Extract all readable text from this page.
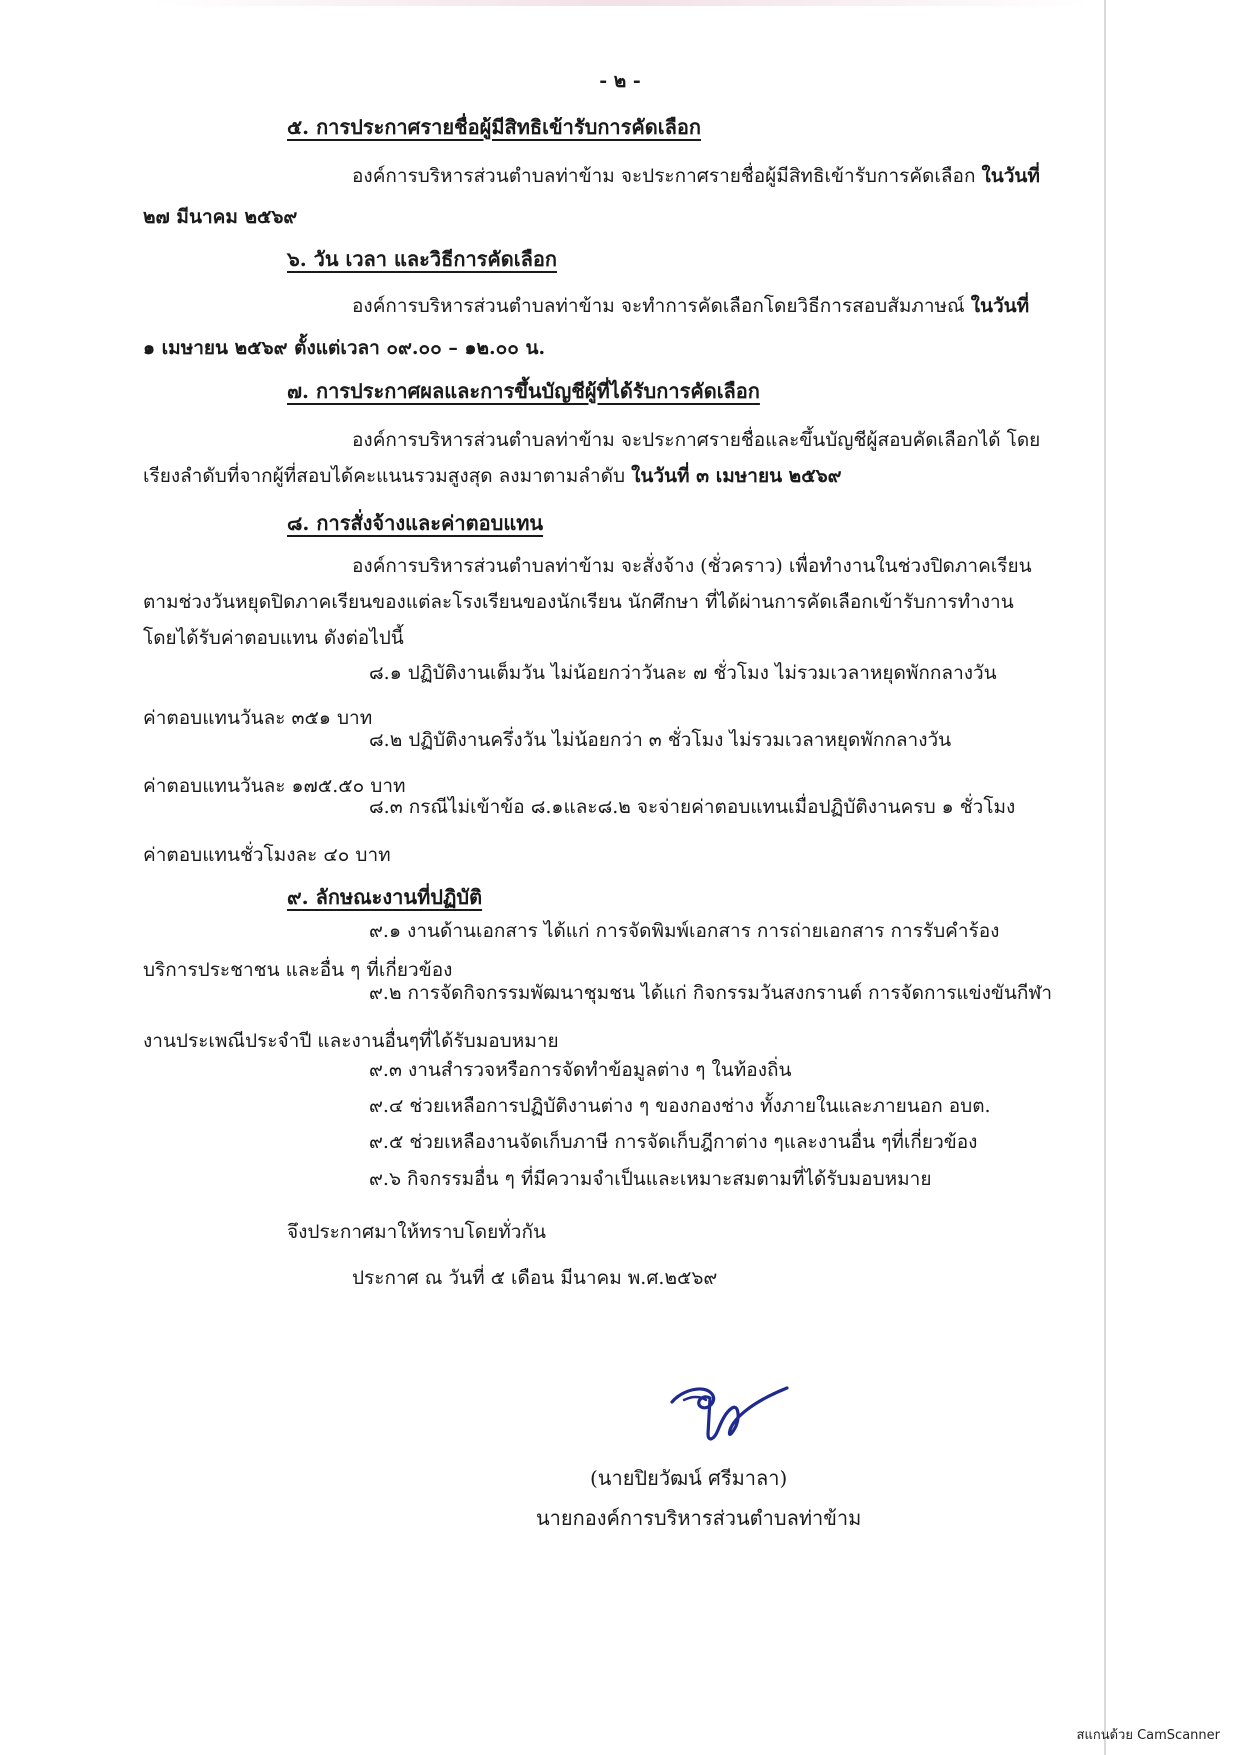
- ๒ -
๕. การประกาศรายชื่อผู้มีสิทธิเข้ารับการคัดเลือก
องค์การบริหารส่วนตำบลท่าข้าม จะประกาศรายชื่อผู้มีสิทธิเข้ารับการคัดเลือก ในวันที่
๒๗ มีนาคม ๒๕๖๙
๖. วัน เวลา และวิธีการคัดเลือก
องค์การบริหารส่วนตำบลท่าข้าม จะทำการคัดเลือกโดยวิธีการสอบสัมภาษณ์ ในวันที่
๑ เมษายน ๒๕๖๙ ตั้งแต่เวลา ๐๙.๐๐ – ๑๒.๐๐ น.
๗. การประกาศผลและการขึ้นบัญชีผู้ที่ได้รับการคัดเลือก
องค์การบริหารส่วนตำบลท่าข้าม จะประกาศรายชื่อและขึ้นบัญชีผู้สอบคัดเลือกได้ โดย
เรียงลำดับที่จากผู้ที่สอบได้คะแนนรวมสูงสุด ลงมาตามลำดับ ในวันที่ ๓ เมษายน ๒๕๖๙
๘. การสั่งจ้างและค่าตอบแทน
องค์การบริหารส่วนตำบลท่าข้าม จะสั่งจ้าง (ชั่วคราว) เพื่อทำงานในช่วงปิดภาคเรียน
ตามช่วงวันหยุดปิดภาคเรียนของแต่ละโรงเรียนของนักเรียน นักศึกษา ที่ได้ผ่านการคัดเลือกเข้ารับการทำงาน
โดยได้รับค่าตอบแทน ดังต่อไปนี้
๘.๑ ปฏิบัติงานเต็มวัน ไม่น้อยกว่าวันละ ๗ ชั่วโมง ไม่รวมเวลาหยุดพักกลางวัน
ค่าตอบแทนวันละ ๓๕๑ บาท
๘.๒ ปฏิบัติงานครึ่งวัน ไม่น้อยกว่า ๓ ชั่วโมง ไม่รวมเวลาหยุดพักกลางวัน
ค่าตอบแทนวันละ ๑๗๕.๕๐ บาท
๘.๓ กรณีไม่เข้าข้อ ๘.๑และ๘.๒ จะจ่ายค่าตอบแทนเมื่อปฏิบัติงานครบ ๑ ชั่วโมง
ค่าตอบแทนชั่วโมงละ ๔๐ บาท
๙. ลักษณะงานที่ปฏิบัติ
๙.๑ งานด้านเอกสาร ได้แก่ การจัดพิมพ์เอกสาร การถ่ายเอกสาร การรับคำร้อง
บริการประชาชน และอื่น ๆ ที่เกี่ยวข้อง
๙.๒ การจัดกิจกรรมพัฒนาชุมชน ได้แก่ กิจกรรมวันสงกรานต์ การจัดการแข่งขันกีฬา
งานประเพณีประจำปี และงานอื่นๆที่ได้รับมอบหมาย
๙.๓ งานสำรวจหรือการจัดทำข้อมูลต่าง ๆ ในท้องถิ่น
๙.๔ ช่วยเหลือการปฏิบัติงานต่าง ๆ ของกองช่าง ทั้งภายในและภายนอก อบต.
๙.๕ ช่วยเหลืองานจัดเก็บภาษี การจัดเก็บฎีกาต่าง ๆและงานอื่น ๆที่เกี่ยวข้อง
๙.๖ กิจกรรมอื่น ๆ ที่มีความจำเป็นและเหมาะสมตามที่ได้รับมอบหมาย
จึงประกาศมาให้ทราบโดยทั่วกัน
ประกาศ ณ วันที่ ๕ เดือน มีนาคม พ.ศ.๒๕๖๙
(นายปิยวัฒน์ ศรีมาลา)
นายกองค์การบริหารส่วนตำบลท่าข้าม
สแกนด้วย CamScanner
